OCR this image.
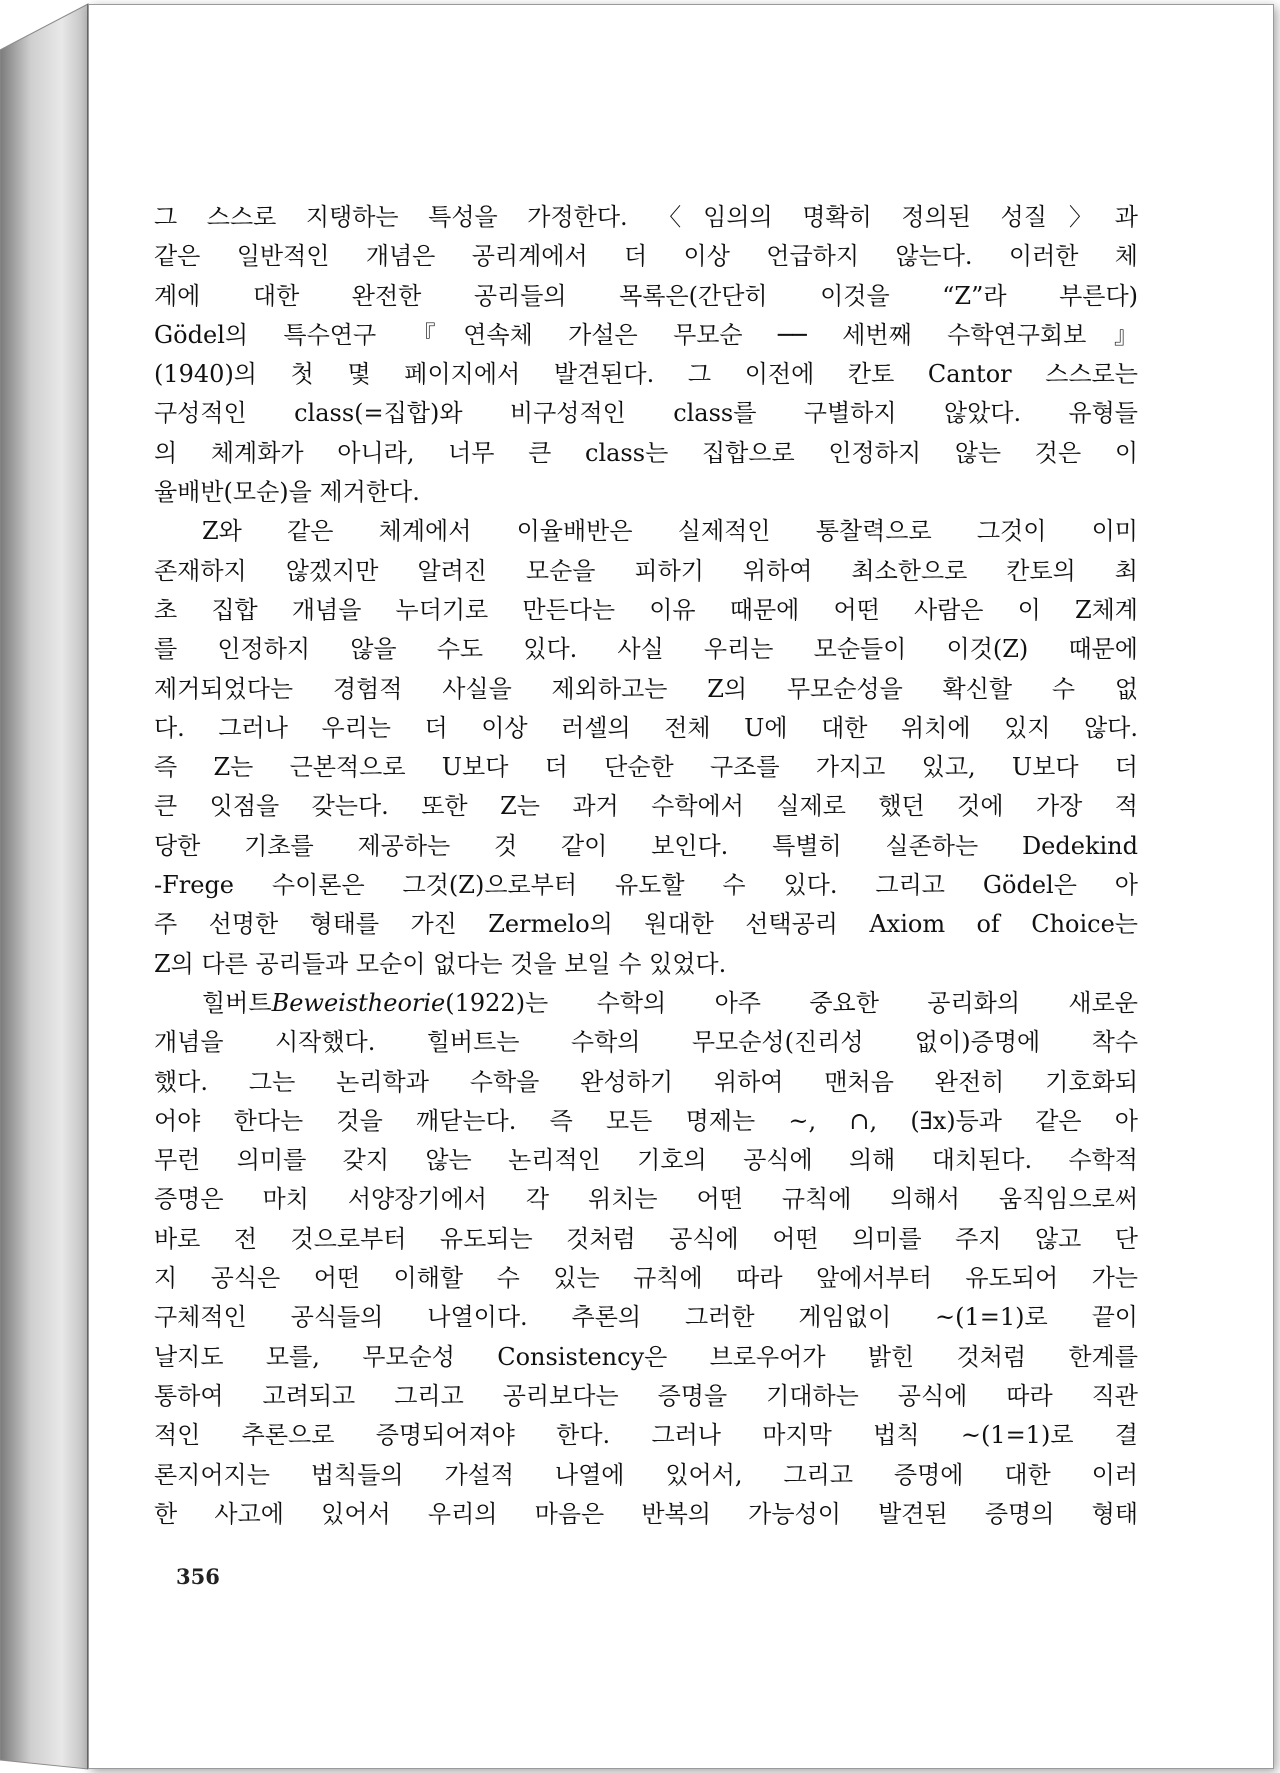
그 스스로 지탱하는 특성을 가정한다. 〈임의의 명확히 정의된 성질〉과
같은 일반적인 개념은 공리계에서 더 이상 언급하지 않는다. 이러한 체
계에 대한 완전한 공리들의 목록은(간단히 이것을 “Z”라 부른다)
Gödel의 특수연구 『연속체 가설은 무모순 ── 세번째 수학연구회보』
(1940)의 첫 몇 페이지에서 발견된다. 그 이전에 칸토 Cantor 스스로는
구성적인 class(=집합)와 비구성적인 class를 구별하지 않았다. 유형들
의 체계화가 아니라, 너무 큰 class는 집합으로 인정하지 않는 것은 이
율배반(모순)을 제거한다.
Z와 같은 체계에서 이율배반은 실제적인 통찰력으로 그것이 이미
존재하지 않겠지만 알려진 모순을 피하기 위하여 최소한으로 칸토의 최
초 집합 개념을 누더기로 만든다는 이유 때문에 어떤 사람은 이 Z체계
를 인정하지 않을 수도 있다. 사실 우리는 모순들이 이것(Z) 때문에
제거되었다는 경험적 사실을 제외하고는 Z의 무모순성을 확신할 수 없
다. 그러나 우리는 더 이상 러셀의 전체 U에 대한 위치에 있지 않다.
즉 Z는 근본적으로 U보다 더 단순한 구조를 가지고 있고, U보다 더
큰 잇점을 갖는다. 또한 Z는 과거 수학에서 실제로 했던 것에 가장 적
당한 기초를 제공하는 것 같이 보인다. 특별히 실존하는 Dedekind
-Frege 수이론은 그것(Z)으로부터 유도할 수 있다. 그리고 Gödel은 아
주 선명한 형태를 가진 Zermelo의 원대한 선택공리 Axiom of Choice는
Z의 다른 공리들과 모순이 없다는 것을 보일 수 있었다.
힐버트Beweistheorie(1922)는 수학의 아주 중요한 공리화의 새로운
개념을 시작했다. 힐버트는 수학의 무모순성(진리성 없이)증명에 착수
했다. 그는 논리학과 수학을 완성하기 위하여 맨처음 완전히 기호화되
어야 한다는 것을 깨닫는다. 즉 모든 명제는 ~, ∩, (∃x)등과 같은 아
무런 의미를 갖지 않는 논리적인 기호의 공식에 의해 대치된다. 수학적
증명은 마치 서양장기에서 각 위치는 어떤 규칙에 의해서 움직임으로써
바로 전 것으로부터 유도되는 것처럼 공식에 어떤 의미를 주지 않고 단
지 공식은 어떤 이해할 수 있는 규칙에 따라 앞에서부터 유도되어 가는
구체적인 공식들의 나열이다. 추론의 그러한 게임없이 ~(1=1)로 끝이
날지도 모를, 무모순성 Consistency은 브로우어가 밝힌 것처럼 한계를
통하여 고려되고 그리고 공리보다는 증명을 기대하는 공식에 따라 직관
적인 추론으로 증명되어져야 한다. 그러나 마지막 법칙 ~(1=1)로 결
론지어지는 법칙들의 가설적 나열에 있어서, 그리고 증명에 대한 이러
한 사고에 있어서 우리의 마음은 반복의 가능성이 발견된 증명의 형태

356
